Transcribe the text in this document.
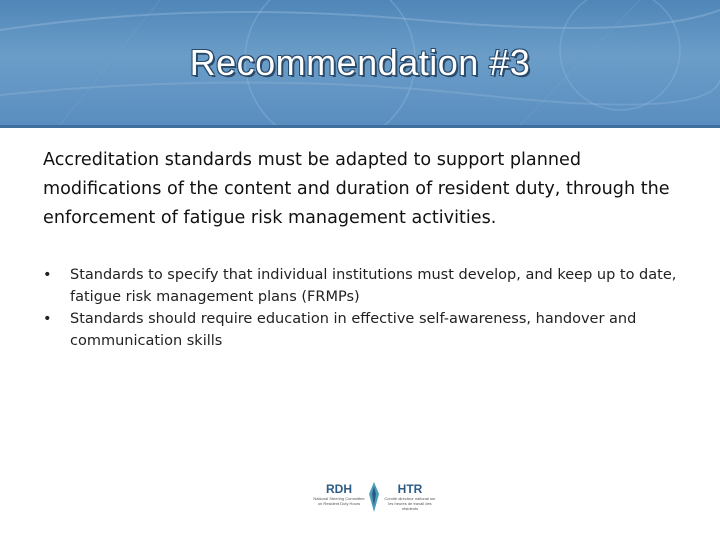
Recommendation #3
Accreditation standards must be adapted to support planned modifications of the content and duration of resident duty, through the enforcement of fatigue risk management activities.
• Standards to specify that individual institutions must develop, and keep up to date, fatigue risk management plans (FRMPs)
• Standards should require education in effective self-awareness, handover and communication skills
RDH
National Steering Committee on Resident Duty Hours
HTR
Comité directeur national sur les heures de travail des résidents
